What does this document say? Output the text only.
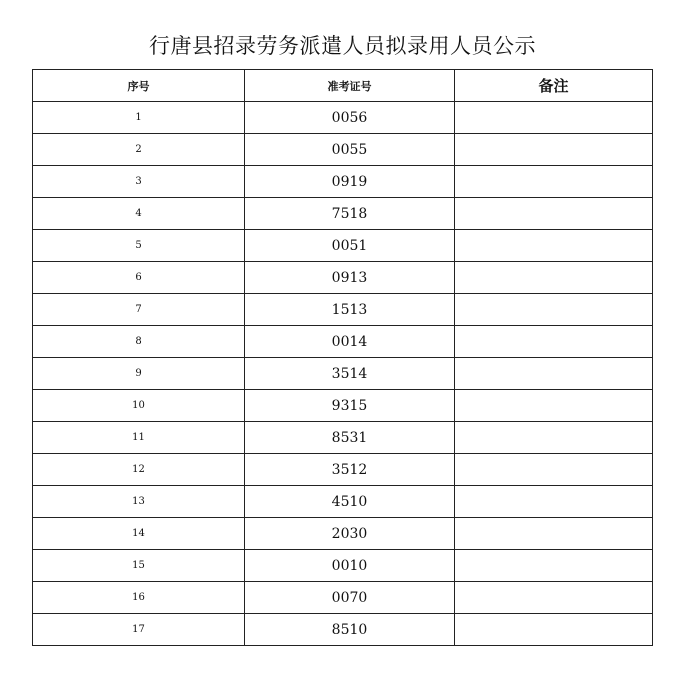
行唐县招录劳务派遣人员拟录用人员公示
序号	准考证号	备注
1	0056	
2	0055	
3	0919	
4	7518	
5	0051	
6	0913	
7	1513	
8	0014	
9	3514	
10	9315	
11	8531	
12	3512	
13	4510	
14	2030	
15	0010	
16	0070	
17	8510	
